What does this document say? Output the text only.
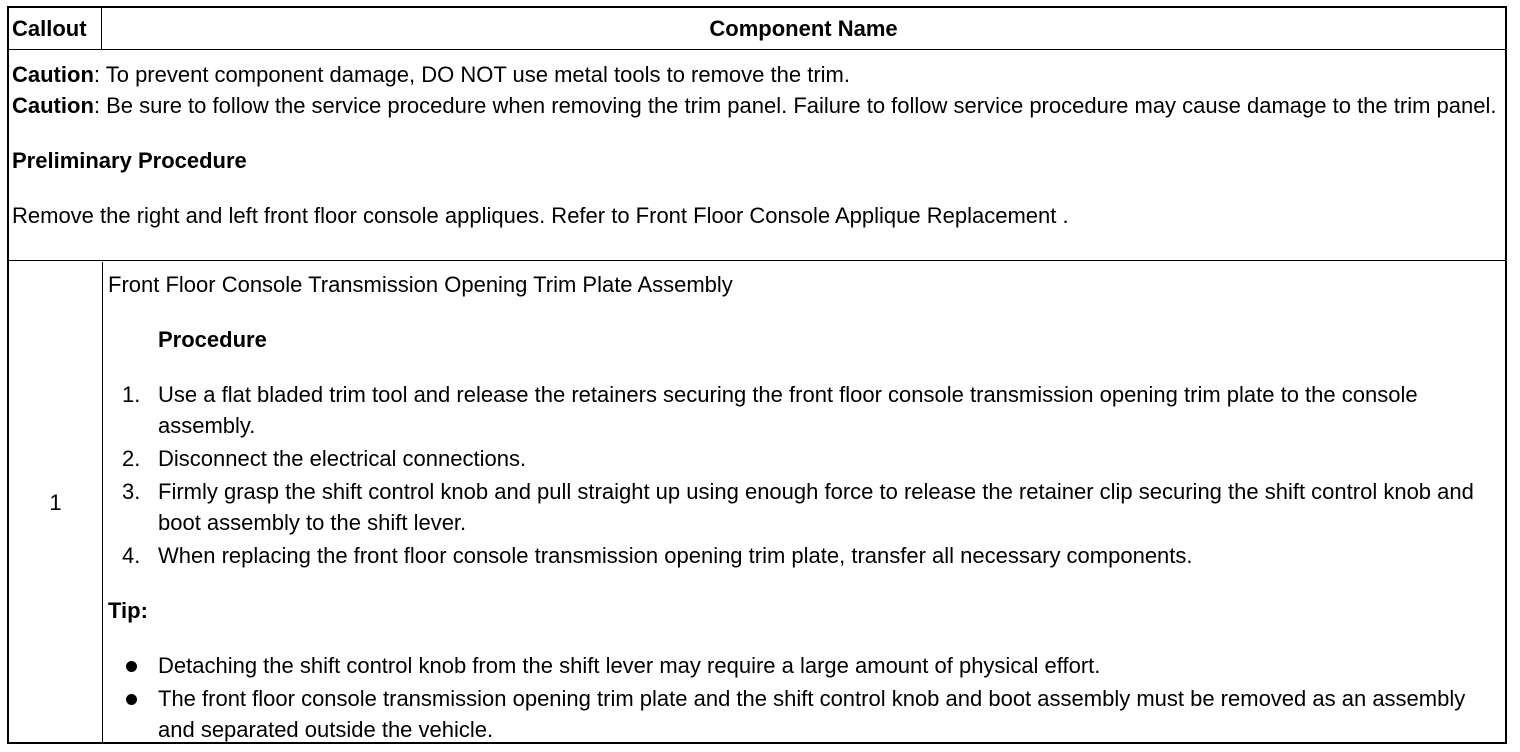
Callout	Component Name

Caution: To prevent component damage, DO NOT use metal tools to remove the trim.

Caution: Be sure to follow the service procedure when removing the trim panel. Failure to follow service procedure may cause damage to the trim panel.

Preliminary Procedure

Remove the right and left front floor console appliques. Refer to Front Floor Console Applique Replacement .

1

Front Floor Console Transmission Opening Trim Plate Assembly

Procedure

1. Use a flat bladed trim tool and release the retainers securing the front floor console transmission opening trim plate to the console assembly.
2. Disconnect the electrical connections.
3. Firmly grasp the shift control knob and pull straight up using enough force to release the retainer clip securing the shift control knob and boot assembly to the shift lever.
4. When replacing the front floor console transmission opening trim plate, transfer all necessary components.

Tip:

Detaching the shift control knob from the shift lever may require a large amount of physical effort.
The front floor console transmission opening trim plate and the shift control knob and boot assembly must be removed as an assembly and separated outside the vehicle.
